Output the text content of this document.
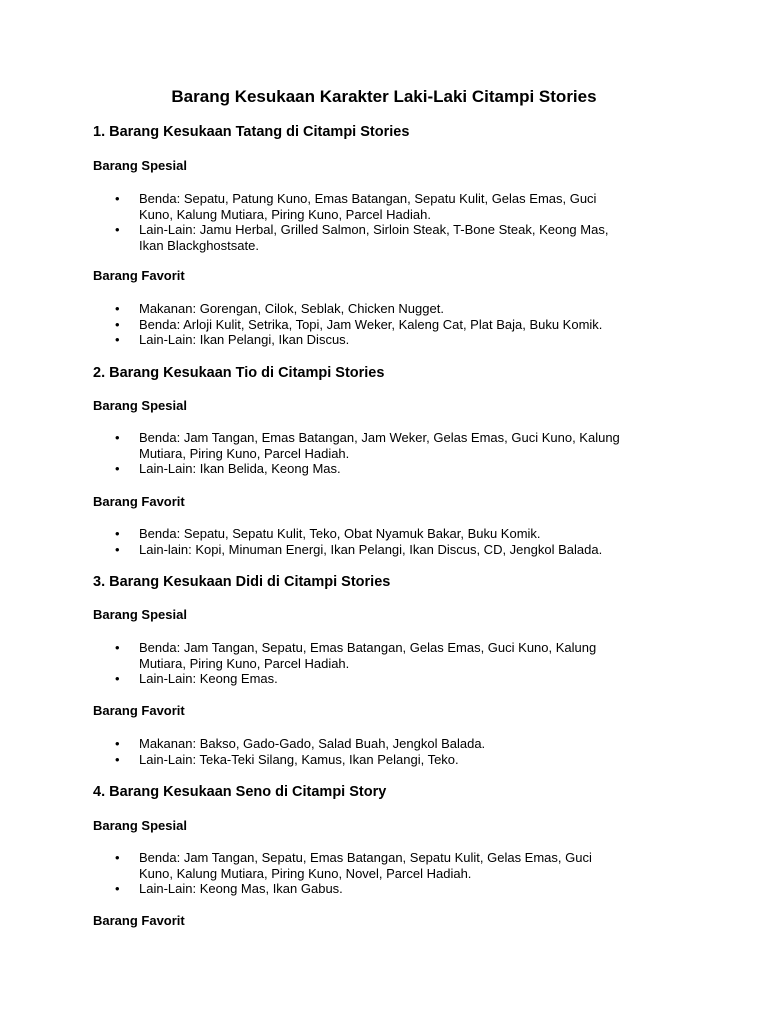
Barang Kesukaan Karakter Laki-Laki Citampi Stories
1. Barang Kesukaan Tatang di Citampi Stories
Barang Spesial
•	Benda: Sepatu, Patung Kuno, Emas Batangan, Sepatu Kulit, Gelas Emas, Guci
Kuno, Kalung Mutiara, Piring Kuno, Parcel Hadiah.
•	Lain-Lain: Jamu Herbal, Grilled Salmon, Sirloin Steak, T-Bone Steak, Keong Mas,
Ikan Blackghostsate.
Barang Favorit
•	Makanan: Gorengan, Cilok, Seblak, Chicken Nugget.
•	Benda: Arloji Kulit, Setrika, Topi, Jam Weker, Kaleng Cat, Plat Baja, Buku Komik.
•	Lain-Lain: Ikan Pelangi, Ikan Discus.
2. Barang Kesukaan Tio di Citampi Stories
Barang Spesial
•	Benda: Jam Tangan, Emas Batangan, Jam Weker, Gelas Emas, Guci Kuno, Kalung
Mutiara, Piring Kuno, Parcel Hadiah.
•	Lain-Lain: Ikan Belida, Keong Mas.
Barang Favorit
•	Benda: Sepatu, Sepatu Kulit, Teko, Obat Nyamuk Bakar, Buku Komik.
•	Lain-lain: Kopi, Minuman Energi, Ikan Pelangi, Ikan Discus, CD, Jengkol Balada.
3. Barang Kesukaan Didi di Citampi Stories
Barang Spesial
•	Benda: Jam Tangan, Sepatu, Emas Batangan, Gelas Emas, Guci Kuno, Kalung
Mutiara, Piring Kuno, Parcel Hadiah.
•	Lain-Lain: Keong Emas.
Barang Favorit
•	Makanan: Bakso, Gado-Gado, Salad Buah, Jengkol Balada.
•	Lain-Lain: Teka-Teki Silang, Kamus, Ikan Pelangi, Teko.
4. Barang Kesukaan Seno di Citampi Story
Barang Spesial
•	Benda: Jam Tangan, Sepatu, Emas Batangan, Sepatu Kulit, Gelas Emas, Guci
Kuno, Kalung Mutiara, Piring Kuno, Novel, Parcel Hadiah.
•	Lain-Lain: Keong Mas, Ikan Gabus.
Barang Favorit
